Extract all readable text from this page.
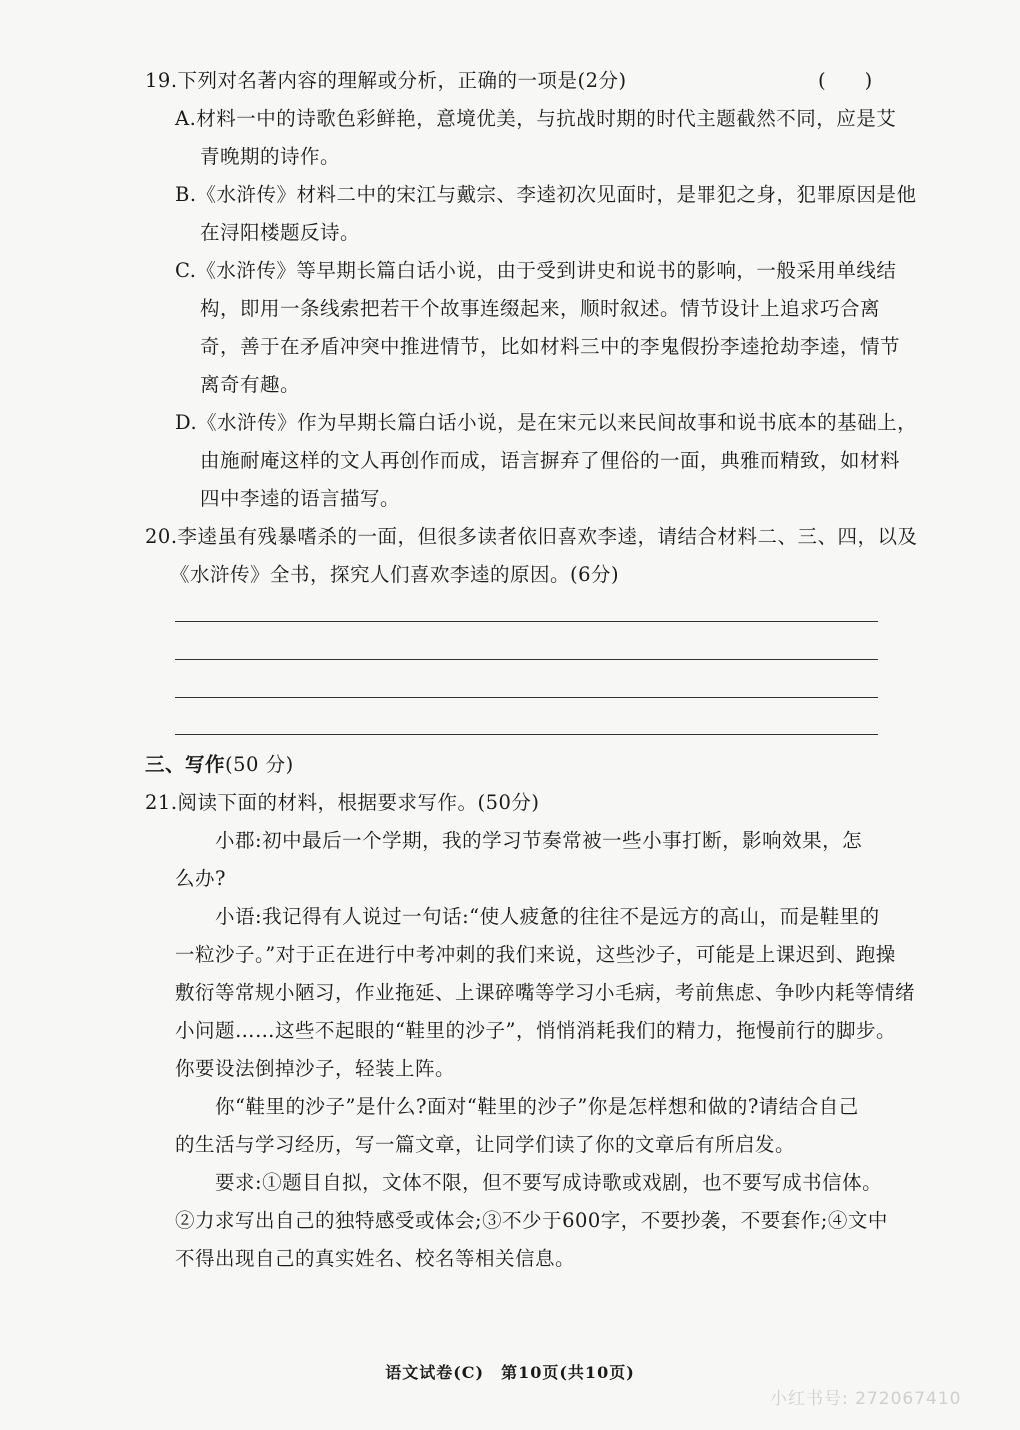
19.下列对名著内容的理解或分析，正确的一项是(2分)	(　　)
A.材料一中的诗歌色彩鲜艳，意境优美，与抗战时期的时代主题截然不同，应是艾
青晚期的诗作。
B.《水浒传》材料二中的宋江与戴宗、李逵初次见面时，是罪犯之身，犯罪原因是他
在浔阳楼题反诗。
C.《水浒传》等早期长篇白话小说，由于受到讲史和说书的影响，一般采用单线结
构，即用一条线索把若干个故事连缀起来，顺时叙述。情节设计上追求巧合离
奇，善于在矛盾冲突中推进情节，比如材料三中的李鬼假扮李逵抢劫李逵，情节
离奇有趣。
D.《水浒传》作为早期长篇白话小说，是在宋元以来民间故事和说书底本的基础上，
由施耐庵这样的文人再创作而成，语言摒弃了俚俗的一面，典雅而精致，如材料
四中李逵的语言描写。
20.李逵虽有残暴嗜杀的一面，但很多读者依旧喜欢李逵，请结合材料二、三、四，以及
《水浒传》全书，探究人们喜欢李逵的原因。(6分)
三、写作(50 分)
21.阅读下面的材料，根据要求写作。(50分)
小郡:初中最后一个学期，我的学习节奏常被一些小事打断，影响效果，怎
么办?
小语:我记得有人说过一句话:“使人疲惫的往往不是远方的高山，而是鞋里的
一粒沙子。”对于正在进行中考冲刺的我们来说，这些沙子，可能是上课迟到、跑操
敷衍等常规小陋习，作业拖延、上课碎嘴等学习小毛病，考前焦虑、争吵内耗等情绪
小问题……这些不起眼的“鞋里的沙子”，悄悄消耗我们的精力，拖慢前行的脚步。
你要设法倒掉沙子，轻装上阵。
你“鞋里的沙子”是什么?面对“鞋里的沙子”你是怎样想和做的?请结合自己
的生活与学习经历，写一篇文章，让同学们读了你的文章后有所启发。
要求:①题目自拟，文体不限，但不要写成诗歌或戏剧，也不要写成书信体。
②力求写出自己的独特感受或体会;③不少于600字，不要抄袭，不要套作;④文中
不得出现自己的真实姓名、校名等相关信息。
语文试卷(C)　第10页(共10页)
小红书号: 272067410
